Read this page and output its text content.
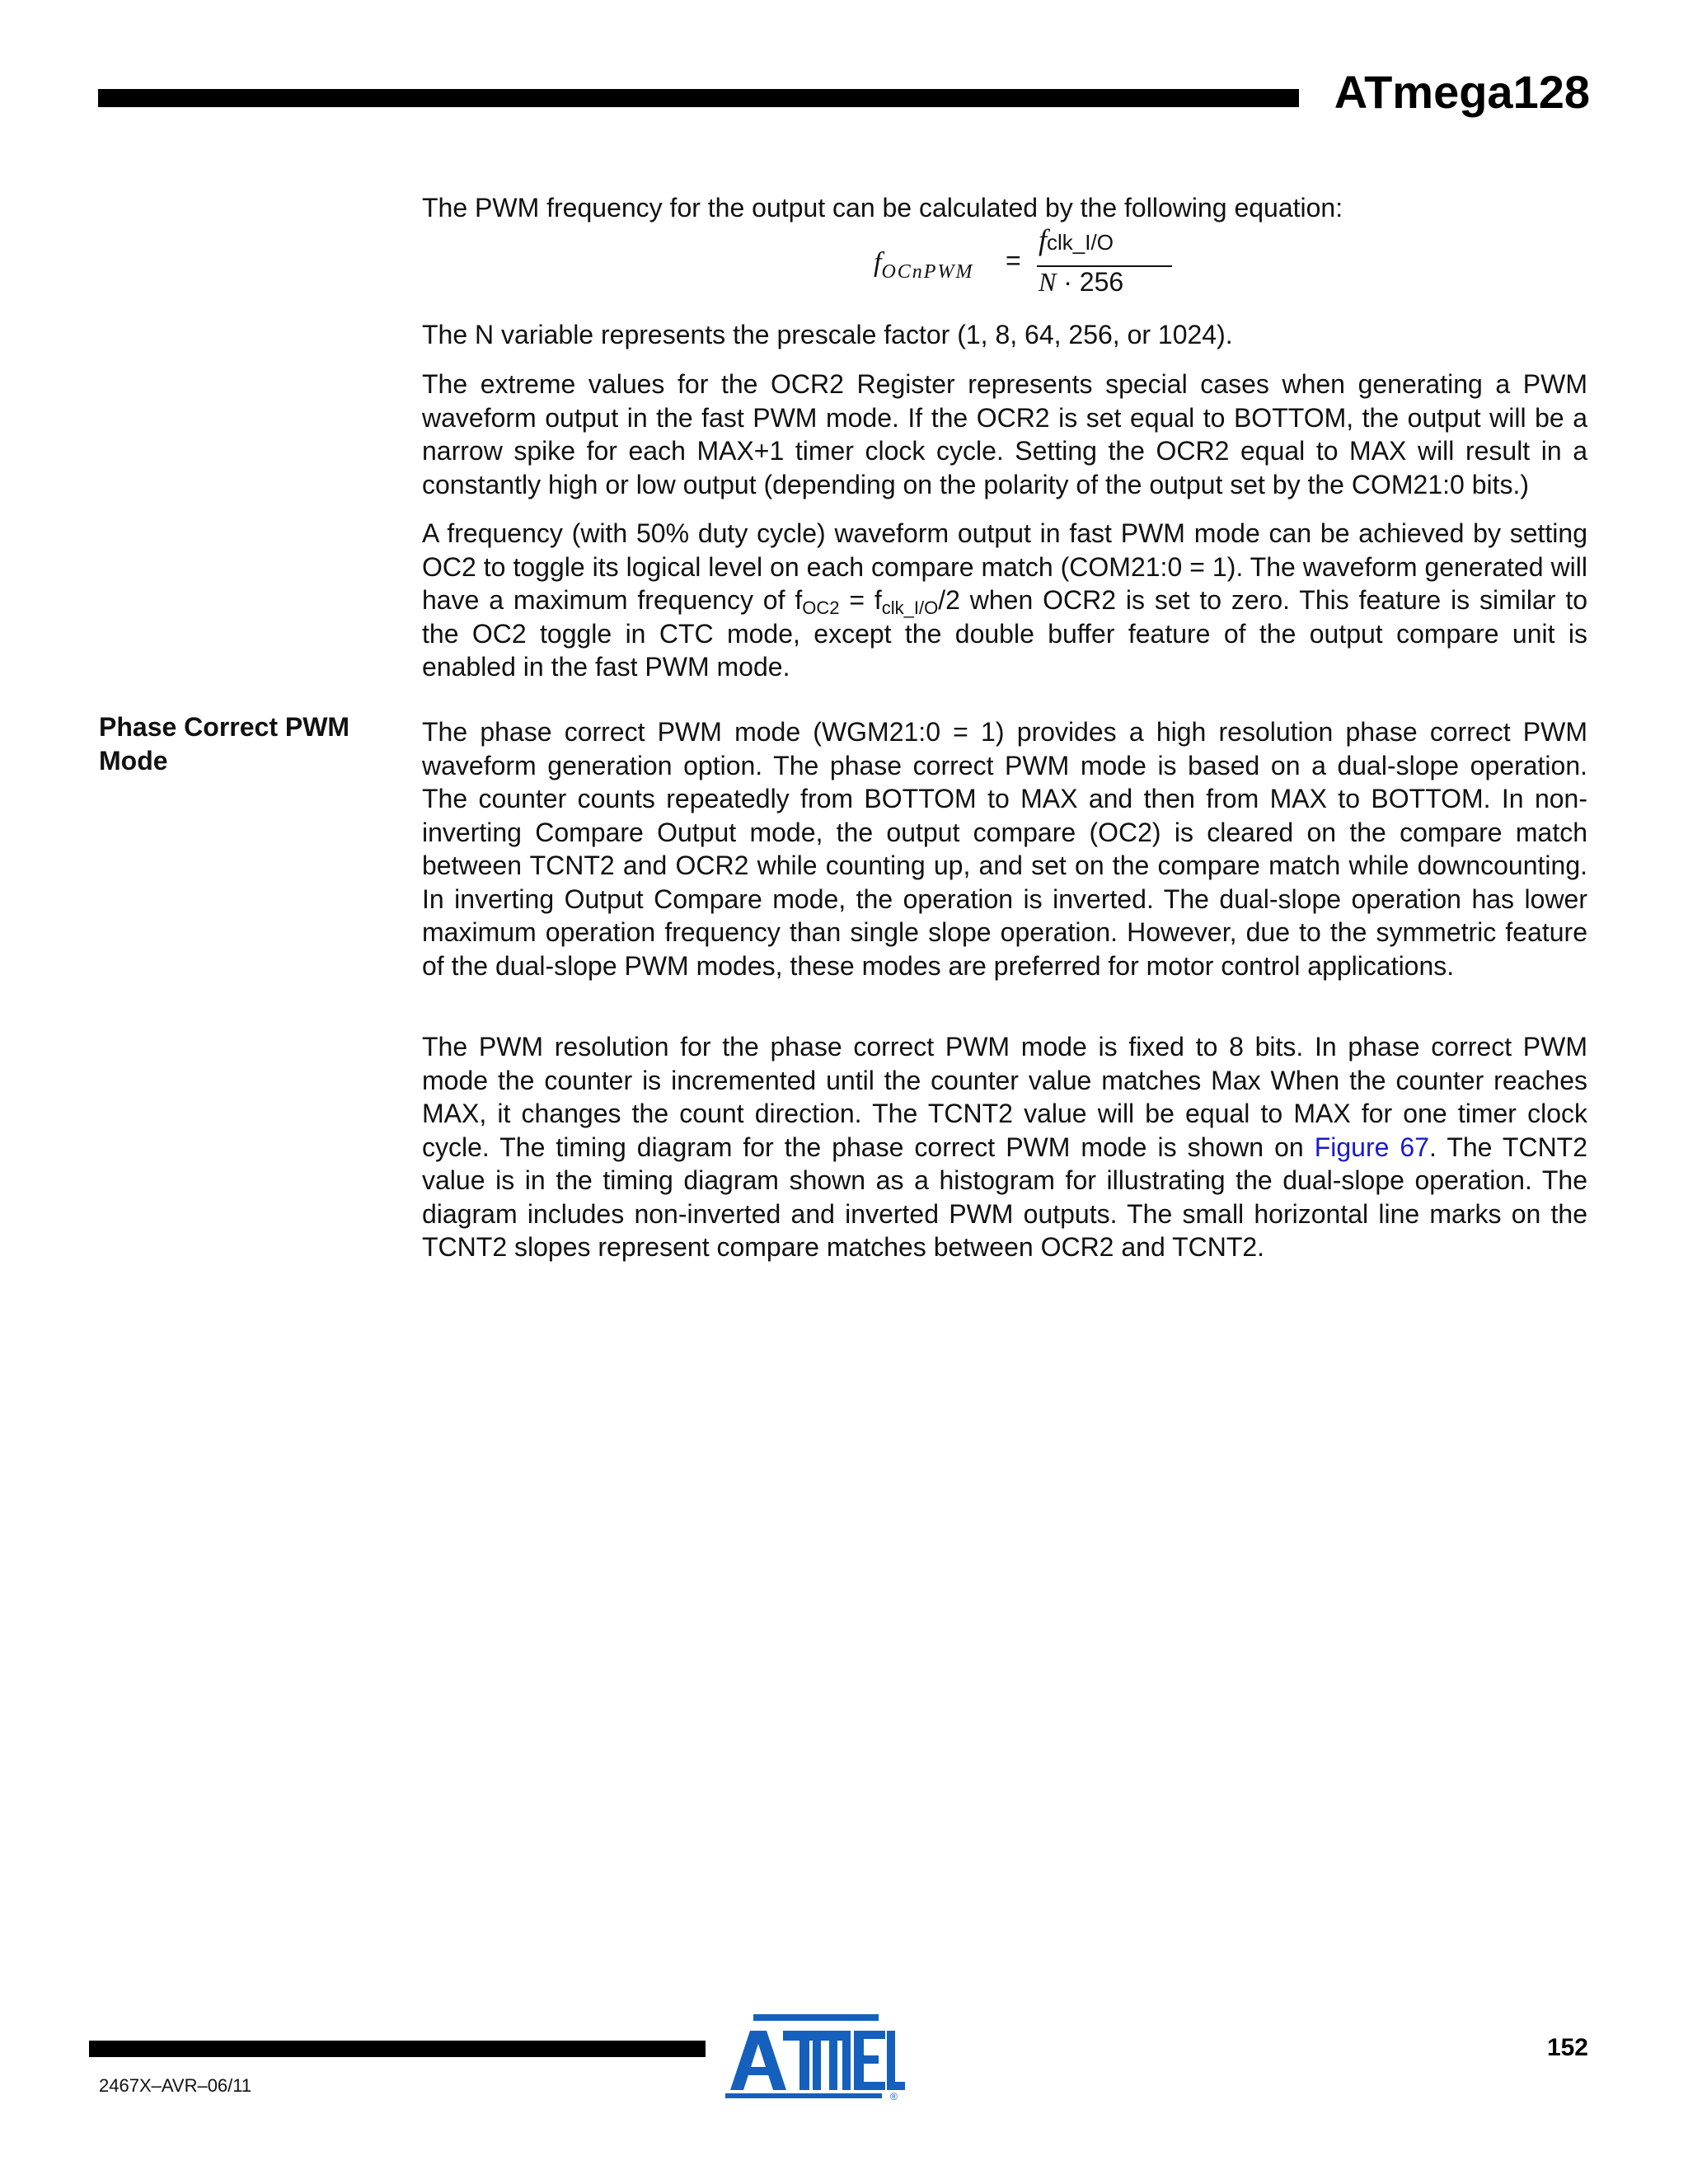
ATmega128

The PWM frequency for the output can be calculated by the following equation:

$f_{OCnPWM}$ =
fclk_I/O
N · 256

The N variable represents the prescale factor (1, 8, 64, 256, or 1024).

The extreme values for the OCR2 Register represents special cases when generating a PWM waveform output in the fast PWM mode. If the OCR2 is set equal to BOTTOM, the output will be a narrow spike for each MAX+1 timer clock cycle. Setting the OCR2 equal to MAX will result in a constantly high or low output (depending on the polarity of the output set by the COM21:0 bits.)

A frequency (with 50% duty cycle) waveform output in fast PWM mode can be achieved by setting OC2 to toggle its logical level on each compare match (COM21:0 = 1). The waveform generated will have a maximum frequency of $f_{OC2} = f_{clk\_I/O}/2$ when OCR2 is set to zero. This feature is similar to the OC2 toggle in CTC mode, except the double buffer feature of the output compare unit is enabled in the fast PWM mode.

Phase Correct PWM Mode

The phase correct PWM mode (WGM21:0 = 1) provides a high resolution phase correct PWM waveform generation option. The phase correct PWM mode is based on a dual-slope operation. The counter counts repeatedly from BOTTOM to MAX and then from MAX to BOTTOM. In non-inverting Compare Output mode, the output compare (OC2) is cleared on the compare match between TCNT2 and OCR2 while counting up, and set on the compare match while downcounting. In inverting Output Compare mode, the operation is inverted. The dual-slope operation has lower maximum operation frequency than single slope operation. However, due to the symmetric feature of the dual-slope PWM modes, these modes are preferred for motor control applications.

The PWM resolution for the phase correct PWM mode is fixed to 8 bits. In phase correct PWM mode the counter is incremented until the counter value matches Max When the counter reaches MAX, it changes the count direction. The TCNT2 value will be equal to MAX for one timer clock cycle. The timing diagram for the phase correct PWM mode is shown on Figure 67. The TCNT2 value is in the timing diagram shown as a histogram for illustrating the dual-slope operation. The diagram includes non-inverted and inverted PWM outputs. The small horizontal line marks on the TCNT2 slopes represent compare matches between OCR2 and TCNT2.

®
152
2467X–AVR–06/11
